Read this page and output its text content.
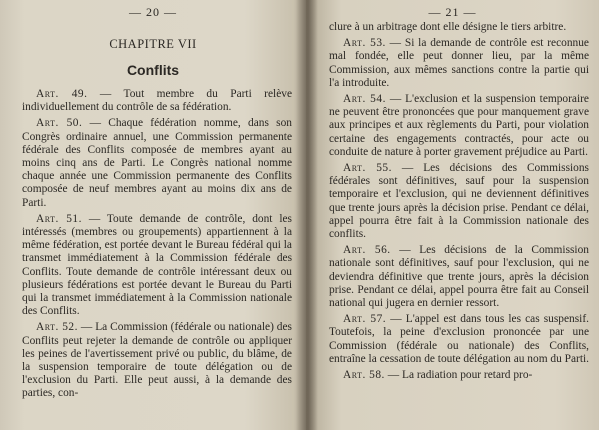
— 20 —
CHAPITRE VII
Conflits

Art. 49. — Tout membre du Parti relève individuellement du contrôle de sa fédération.

Art. 50. — Chaque fédération nomme, dans son Congrès ordinaire annuel, une Commission permanente fédérale des Conflits composée de membres ayant au moins cinq ans de Parti. Le Congrès national nomme chaque année une Commission permanente des Conflits composée de neuf membres ayant au moins dix ans de Parti.

Art. 51. — Toute demande de contrôle, dont les intéressés (membres ou groupements) appartiennent à la même fédération, est portée devant le Bureau fédéral qui la transmet immédiatement à la Commission fédérale des Conflits. Toute demande de contrôle intéressant deux ou plusieurs fédérations est portée devant le Bureau du Parti qui la transmet immédiatement à la Commission nationale des Conflits.

Art. 52. — La Commission (fédérale ou nationale) des Conflits peut rejeter la demande de contrôle ou appliquer les peines de l'avertissement privé ou public, du blâme, de la suspension temporaire de toute délégation ou de l'exclusion du Parti. Elle peut aussi, à la demande des parties, con-

— 21 —

clure à un arbitrage dont elle désigne le tiers arbitre.

Art. 53. — Si la demande de contrôle est reconnue mal fondée, elle peut donner lieu, par la même Commission, aux mêmes sanctions contre la partie qui l'a introduite.

Art. 54. — L'exclusion et la suspension temporaire ne peuvent être prononcées que pour manquement grave aux principes et aux règlements du Parti, pour violation certaine des engagements contractés, pour acte ou conduite de nature à porter gravement préjudice au Parti.

Art. 55. — Les décisions des Commissions fédérales sont définitives, sauf pour la suspension temporaire et l'exclusion, qui ne deviennent définitives que trente jours après la décision prise. Pendant ce délai, appel pourra être fait à la Commission nationale des conflits.

Art. 56. — Les décisions de la Commission nationale sont définitives, sauf pour l'exclusion, qui ne deviendra définitive que trente jours, après la décision prise. Pendant ce délai, appel pourra être fait au Conseil national qui jugera en dernier ressort.

Art. 57. — L'appel est dans tous les cas suspensif. Toutefois, la peine d'exclusion prononcée par une Commission (fédérale ou nationale) des Conflits, entraîne la cessation de toute délégation au nom du Parti.

Art. 58. — La radiation pour retard pro-
